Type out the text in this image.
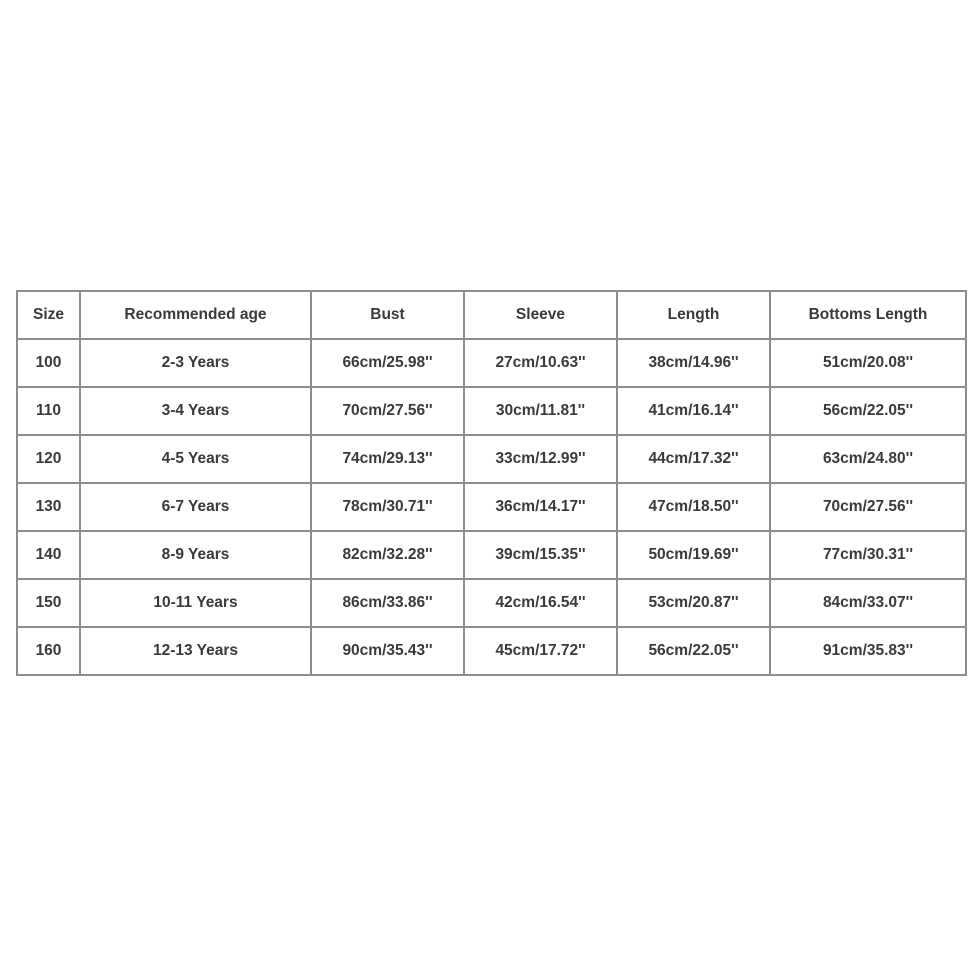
Size	Recommended age	Bust	Sleeve	Length	Bottoms Length
100	2-3 Years	66cm/25.98''	27cm/10.63''	38cm/14.96''	51cm/20.08''
110	3-4 Years	70cm/27.56''	30cm/11.81''	41cm/16.14''	56cm/22.05''
120	4-5 Years	74cm/29.13''	33cm/12.99''	44cm/17.32''	63cm/24.80''
130	6-7 Years	78cm/30.71''	36cm/14.17''	47cm/18.50''	70cm/27.56''
140	8-9 Years	82cm/32.28''	39cm/15.35''	50cm/19.69''	77cm/30.31''
150	10-11 Years	86cm/33.86''	42cm/16.54''	53cm/20.87''	84cm/33.07''
160	12-13 Years	90cm/35.43''	45cm/17.72''	56cm/22.05''	91cm/35.83''
